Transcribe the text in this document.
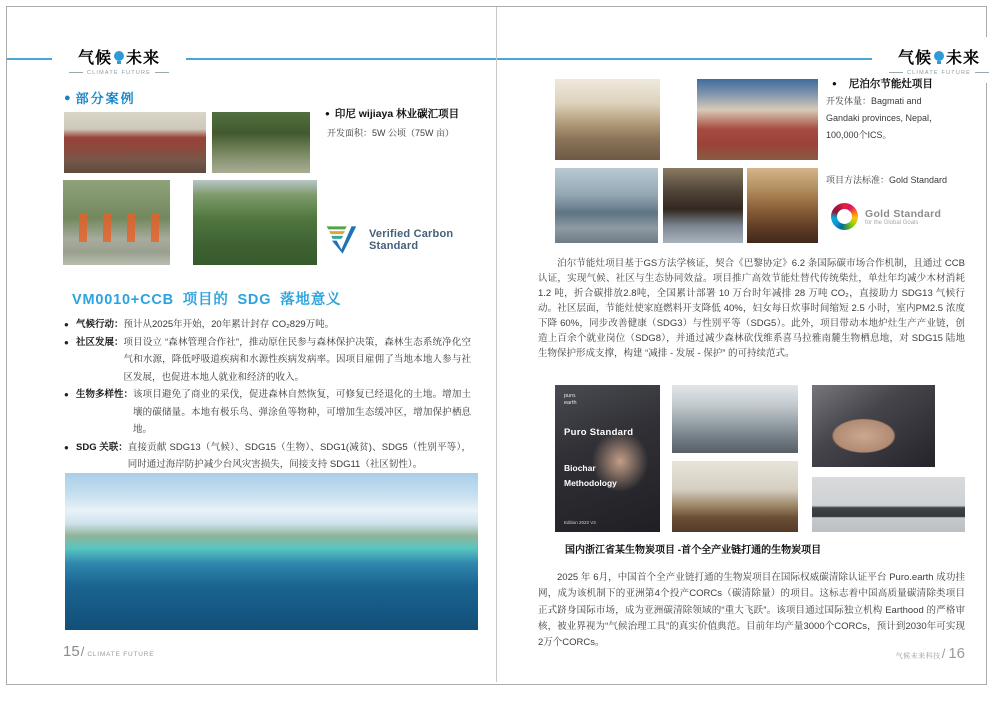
气候 未来
CLIMATE FUTURE
● 部分案例
● 印尼 wijiaya 林业碳汇项目
开发面积：5W 公顷（75W 亩）
Verified Carbon
Standard
VM0010+CCB 项目的 SDG 落地意义
● 气候行动： 预计从2025年开始，20年累计封存 CO₂829万吨。
● 社区发展： 项目设立 “森林管理合作社”，推动原住民参与森林保护决策，森林生态系统净化空气和水源，降低呼吸道疾病和水源性疾病发病率。因项目雇佣了当地本地人参与社区发展，也促进本地人就业和经济的收入。
● 生物多样性： 该项目避免了商业的采伐，促进森林自然恢复，可修复已经退化的土地。增加土壤的碳储量。本地有极乐鸟、弹涂鱼等物种，可增加生态缓冲区，增加保护栖息地。
● SDG 关联： 直接贡献 SDG13（气候）、SDG15（生物）、SDG1(减贫)、SDG5（性别平等），同时通过海岸防护减少台风灾害损失，间接支持 SDG11（社区韧性）。
15 / CLIMATE FUTURE
气候 未来
CLIMATE FUTURE
● 尼泊尔节能灶项目
开发体量：Bagmati and
Gandaki provinces, Nepal，
100,000个ICS。
项目方法标准：Gold Standard
Gold Standard
for the Global Goals
泊尔节能灶项目基于GS方法学核证，契合《巴黎协定》6.2 条国际碳市场合作机制，且通过 CCB 认证，实现气候、社区与生态协同效益。项目推广高效节能灶替代传统柴灶，单灶年均减少木材消耗 1.2 吨，折合碳排放2.8吨，全国累计部署 10 万台时年减排 28 万吨 CO₂，直接助力 SDG13 气候行动。社区层面，节能灶使家庭燃料开支降低 40%，妇女每日炊事时间缩短 2.5 小时，室内PM2.5 浓度下降 60%，同步改善健康（SDG3）与性别平等（SDG5）。此外，项目带动本地炉灶生产产业链，创造上百余个就业岗位（SDG8），并通过减少森林砍伐维系喜马拉雅南麓生物栖息地，对 SDG15 陆地生物保护形成支撑，构建 “减排 - 发展 - 保护” 的可持续范式。
puro.
earth
Puro Standard
Biochar
Methodology
Edition 2022 V3
国内浙江省某生物炭项目 -首个全产业链打通的生物炭项目
2025 年 6月，中国首个全产业链打通的生物炭项目在国际权威碳清除认证平台 Puro.earth 成功挂网，成为该机制下的亚洲第4个投产CORCs（碳清除量）的项目。这标志着中国高质量碳清除类项目正式跻身国际市场，成为亚洲碳清除领域的“重大飞跃”。该项目通过国际独立机构 Earthood 的严格审核，被业界视为“气候治理工具”的真实价值典范。目前年均产量3000个CORCs，预计到2030年可实现2万个CORCs。
气候未来科技 / 16
